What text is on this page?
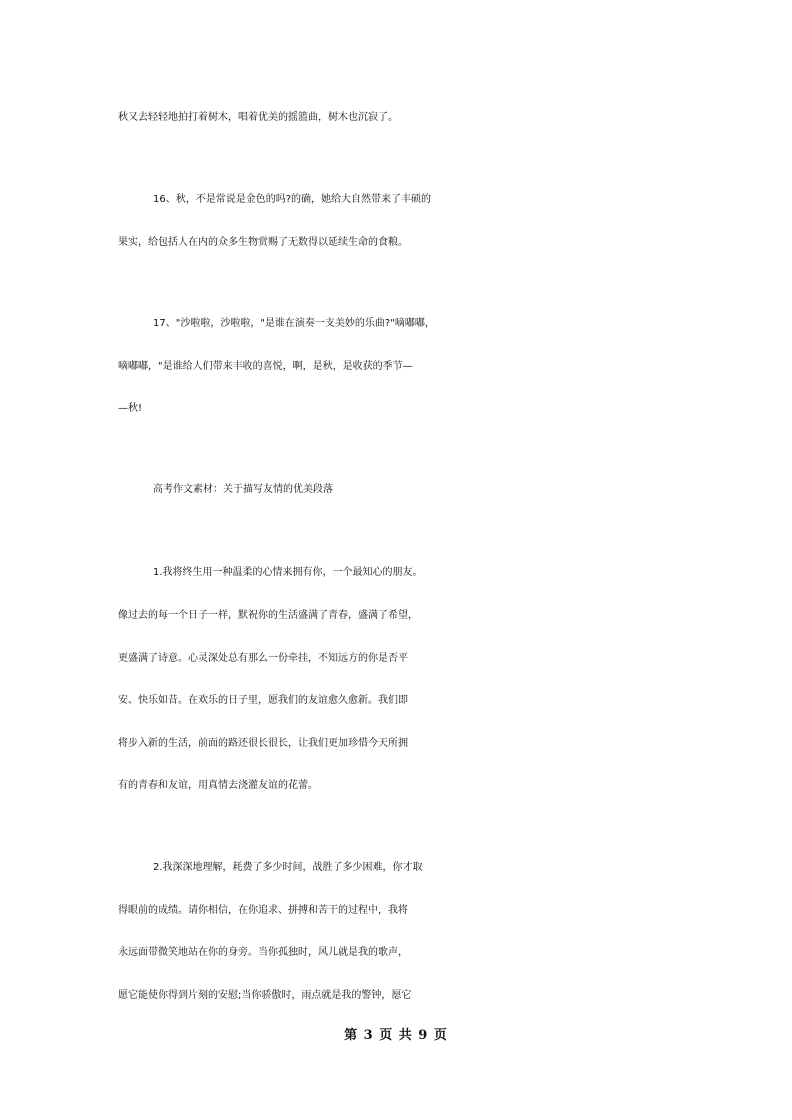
秋又去轻轻地拍打着树木，唱着优美的摇篮曲，树木也沉寂了。
16、秋，不是常说是金色的吗?的确，她给大自然带来了丰硕的
果实，给包括人在内的众多生物赏赐了无数得以延续生命的食粮。
17、"沙啦啦，沙啦啦，"是谁在演奏一支美妙的乐曲?"嘀嘟嘟，
嘀嘟嘟，"是谁给人们带来丰收的喜悦，啊，是秋，是收获的季节—
—秋!
高考作文素材：关于描写友情的优美段落
1.我将终生用一种温柔的心情来拥有你，一个最知心的朋友。
像过去的每一个日子一样，默祝你的生活盛满了青春，盛满了希望，
更盛满了诗意。心灵深处总有那么一份牵挂，不知远方的你是否平
安、快乐如昔。在欢乐的日子里，愿我们的友谊愈久愈新。我们即
将步入新的生活，前面的路还很长很长，让我们更加珍惜今天所拥
有的青春和友谊，用真情去浇灌友谊的花蕾。
2.我深深地理解，耗费了多少时间，战胜了多少困难，你才取
得眼前的成绩。请你相信，在你追求、拼搏和苦干的过程中，我将
永远面带微笑地站在你的身旁。当你孤独时，风儿就是我的歌声，
愿它能使你得到片刻的安慰;当你骄傲时，雨点就是我的警钟，愿它
第 3 页 共 9 页
